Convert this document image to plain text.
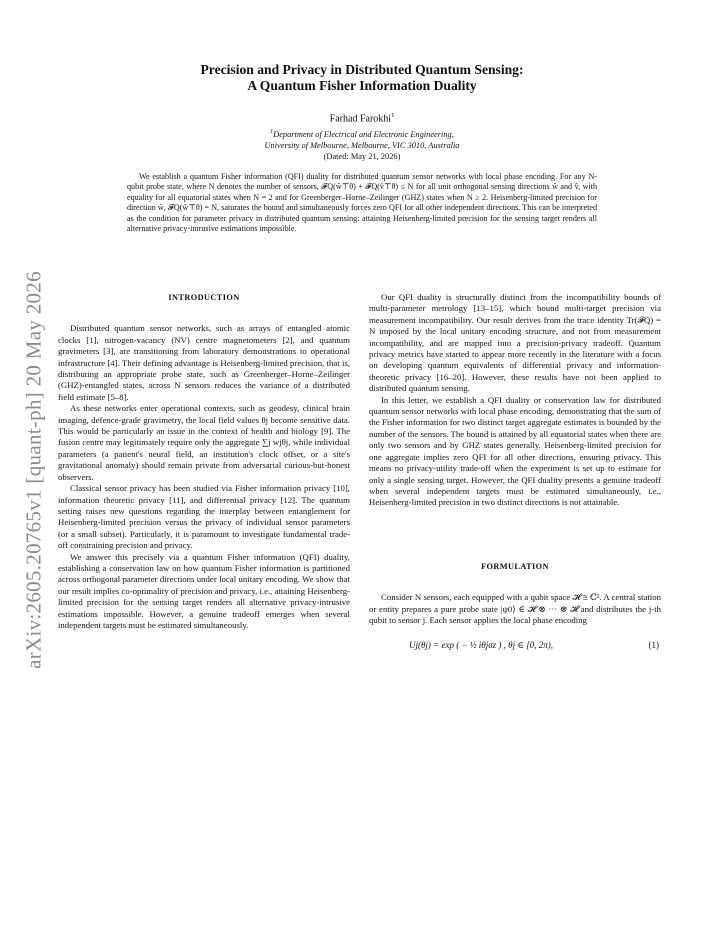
arXiv:2605.20765v1 [quant-ph] 20 May 2026
Precision and Privacy in Distributed Quantum Sensing:
A Quantum Fisher Information Duality
Farhad Farokhi$^1$
$^1$Department of Electrical and Electronic Engineering,
University of Melbourne, Melbourne, VIC 3010, Australia
(Dated: May 21, 2026)

We establish a quantum Fisher information (QFI) duality for distributed quantum sensor networks with local phase encoding. For any N-qubit probe state, where N denotes the number of sensors, 𝓕Q(ŵ⊤θ) + 𝓕Q(v̂⊤θ) ≤ N for all unit orthogonal sensing directions ŵ and v̂, with equality for all equatorial states when N = 2 and for Greenberger–Horne–Zeilinger (GHZ) states when N ≥ 2. Heisenberg-limited precision for direction ŵ, 𝓕Q(ŵ⊤θ) = N, saturates the bound and simultaneously forces zero QFI for all other independent directions. This can be interpreted as the condition for parameter privacy in distributed quantum sensing: attaining Heisenberg-limited precision for the sensing target renders all alternative privacy-intrusive estimations impossible.

INTRODUCTION

Distributed quantum sensor networks, such as arrays of entangled atomic clocks [1], nitrogen-vacancy (NV) centre magnetometers [2], and quantum gravimeters [3], are transitioning from laboratory demonstrations to operational infrastructure [4]. Their defining advantage is Heisenberg-limited precision, that is, distributing an appropriate probe state, such as Greenberger–Horne–Zeilinger (GHZ)-entangled states, across N sensors reduces the variance of a distributed field estimate [5–8].

As these networks enter operational contexts, such as geodesy, clinical brain imaging, defence-grade gravimetry, the local field values θj become sensitive data. This would be particularly an issue in the context of health and biology [9]. The fusion centre may legitimately require only the aggregate ∑j wjθj, while individual parameters (a patient's neural field, an institution's clock offset, or a site's gravitational anomaly) should remain private from adversarial curious-but-honest observers.

Classical sensor privacy has been studied via Fisher information privacy [10], information theoretic privacy [11], and differential privacy [12]. The quantum setting raises new questions regarding the interplay between entanglement for Heisenberg-limited precision versus the privacy of individual sensor parameters (or a small subset). Particularly, it is paramount to investigate fundamental trade-off constraining precision and privacy.

We answer this precisely via a quantum Fisher information (QFI) duality, establishing a conservation law on how quantum Fisher information is partitioned across orthogonal parameter directions under local unitary encoding. We show that our result implies co-optimality of precision and privacy, i.e., attaining Heisenberg-limited precision for the sensing target renders all alternative privacy-intrusive estimations impossible. However, a genuine tradeoff emerges when several independent targets must be estimated simultaneously.

Our QFI duality is structurally distinct from the incompatibility bounds of multi-parameter metrology [13–15], which bound multi-target precision via measurement incompatibility. Our result derives from the trace identity Tr(𝓕Q) = N imposed by the local unitary encoding structure, and not from measurement incompatibility, and are mapped into a precision-privacy tradeoff. Quantum privacy metrics have started to appear more recently in the literature with a focus on developing quantum equivalents of differential privacy and information-theoretic privacy [16–20]. However, these results have not been applied to distributed quantum sensing.

In this letter, we establish a QFI duality or conservation law for distributed quantum sensor networks with local phase encoding, demonstrating that the sum of the Fisher information for two distinct target aggregate estimates is bounded by the number of the sensors. The bound is attained by all equatorial states when there are only two sensors and by GHZ states generally. Heisenberg-limited precision for one aggregate implies zero QFI for all other directions, ensuring privacy. This means no privacy-utility trade-off when the experiment is set up to estimate for only a single sensing target. However, the QFI duality presents a genuine tradeoff when several independent targets must be estimated simultaneously, i.e., Heisenberg-limited precision in two distinct directions is not attainable.

FORMULATION

Consider N sensors, each equipped with a qubit space 𝓗 ≅ ℂ². A central station or entity prepares a pure probe state |ψ0⟩ ∈ 𝓗 ⊗ ··· ⊗ 𝓗 and distributes the j-th qubit to sensor j. Each sensor applies the local phase encoding

Uj(θj) = exp ( − ½ iθjσz ) , θj ∈ [0, 2π),	(1)
